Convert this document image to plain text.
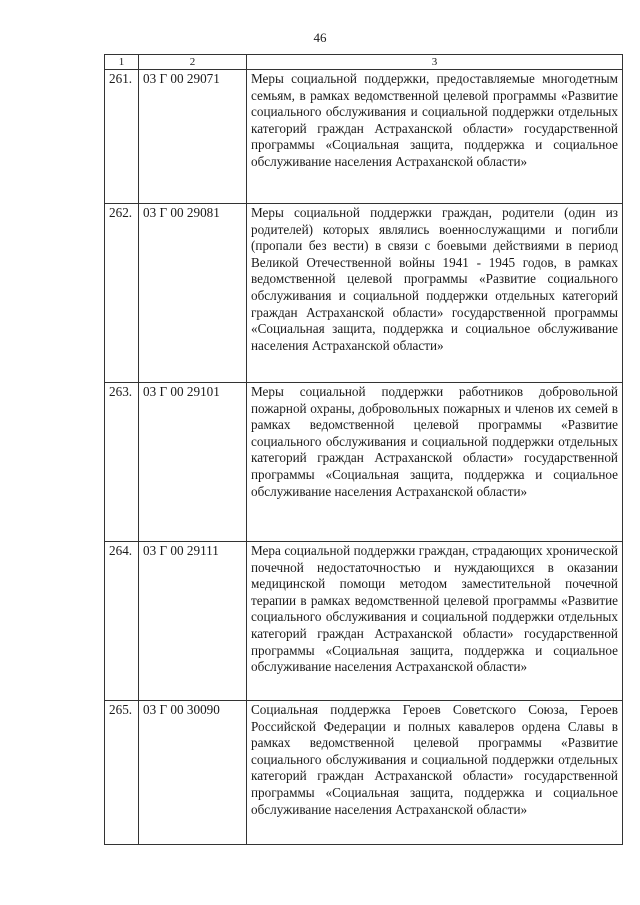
46
1	2	3
261.	03 Г 00 29071	Меры социальной поддержки, предоставляемые многодетным семьям, в рамках ведомственной целевой программы «Развитие социального обслуживания и социальной поддержки отдельных категорий граждан Астраханской области» государственной программы «Социальная защита, поддержка и социальное обслуживание населения Астраханской области»
262.	03 Г 00 29081	Меры социальной поддержки граждан, родители (один из родителей) которых являлись военнослужащими и погибли (пропали без вести) в связи с боевыми действиями в период Великой Отечественной войны 1941 - 1945 годов, в рамках ведомственной целевой программы «Развитие социального обслуживания и социальной поддержки отдельных категорий граждан Астраханской области» государственной программы «Социальная защита, поддержка и социальное обслуживание населения Астраханской области»
263.	03 Г 00 29101	Меры социальной поддержки работников добровольной пожарной охраны, добровольных пожарных и членов их семей в рамках ведомственной целевой программы «Развитие социального обслуживания и социальной поддержки отдельных категорий граждан Астраханской области» государственной программы «Социальная защита, поддержка и социальное обслуживание населения Астраханской области»
264.	03 Г 00 29111	Мера социальной поддержки граждан, страдающих хронической почечной недостаточностью и нуждающихся в оказании медицинской помощи методом заместительной почечной терапии в рамках ведомственной целевой программы «Развитие социального обслуживания и социальной поддержки отдельных категорий граждан Астраханской области» государственной программы «Социальная защита, поддержка и социальное обслуживание населения Астраханской области»
265.	03 Г 00 30090	Социальная поддержка Героев Советского Союза, Героев Российской Федерации и полных кавалеров ордена Славы в рамках ведомственной целевой программы «Развитие социального обслуживания и социальной поддержки отдельных категорий граждан Астраханской области» государственной программы «Социальная защита, поддержка и социальное обслуживание населения Астраханской области»
